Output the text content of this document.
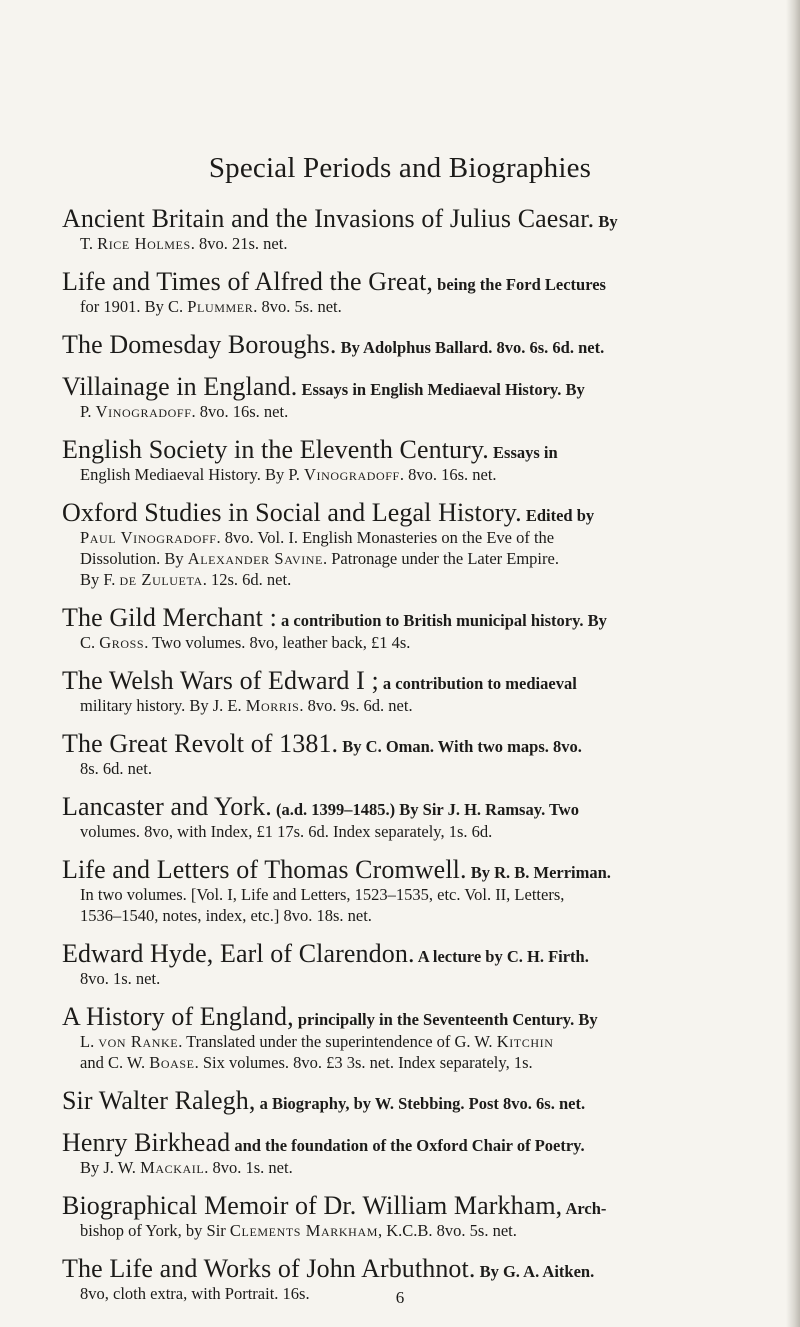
Special Periods and Biographies
Ancient Britain and the Invasions of Julius Caesar. By
T. Rice Holmes. 8vo. 21s. net.
Life and Times of Alfred the Great, being the Ford Lectures
for 1901. By C. Plummer. 8vo. 5s. net.
The Domesday Boroughs. By Adolphus Ballard. 8vo. 6s. 6d. net.
Villainage in England. Essays in English Mediaeval History. By
P. Vinogradoff. 8vo. 16s. net.
English Society in the Eleventh Century. Essays in
English Mediaeval History. By P. Vinogradoff. 8vo. 16s. net.
Oxford Studies in Social and Legal History. Edited by
Paul Vinogradoff. 8vo. Vol. I. English Monasteries on the Eve of the
Dissolution. By Alexander Savine. Patronage under the Later Empire.
By F. de Zulueta. 12s. 6d. net.
The Gild Merchant : a contribution to British municipal history. By
C. Gross. Two volumes. 8vo, leather back, £1 4s.
The Welsh Wars of Edward I ; a contribution to mediaeval
military history. By J. E. Morris. 8vo. 9s. 6d. net.
The Great Revolt of 1381. By C. Oman. With two maps. 8vo.
8s. 6d. net.
Lancaster and York. (a.d. 1399–1485.) By Sir J. H. Ramsay. Two
volumes. 8vo, with Index, £1 17s. 6d. Index separately, 1s. 6d.
Life and Letters of Thomas Cromwell. By R. B. Merriman.
In two volumes. [Vol. I, Life and Letters, 1523–1535, etc. Vol. II, Letters,
1536–1540, notes, index, etc.] 8vo. 18s. net.
Edward Hyde, Earl of Clarendon. A lecture by C. H. Firth.
8vo. 1s. net.
A History of England, principally in the Seventeenth Century. By
L. von Ranke. Translated under the superintendence of G. W. Kitchin
and C. W. Boase. Six volumes. 8vo. £3 3s. net. Index separately, 1s.
Sir Walter Ralegh, a Biography, by W. Stebbing. Post 8vo. 6s. net.
Henry Birkhead and the foundation of the Oxford Chair of Poetry.
By J. W. Mackail. 8vo. 1s. net.
Biographical Memoir of Dr. William Markham, Arch-
bishop of York, by Sir Clements Markham, K.C.B. 8vo. 5s. net.
The Life and Works of John Arbuthnot. By G. A. Aitken.
8vo, cloth extra, with Portrait. 16s.	6
